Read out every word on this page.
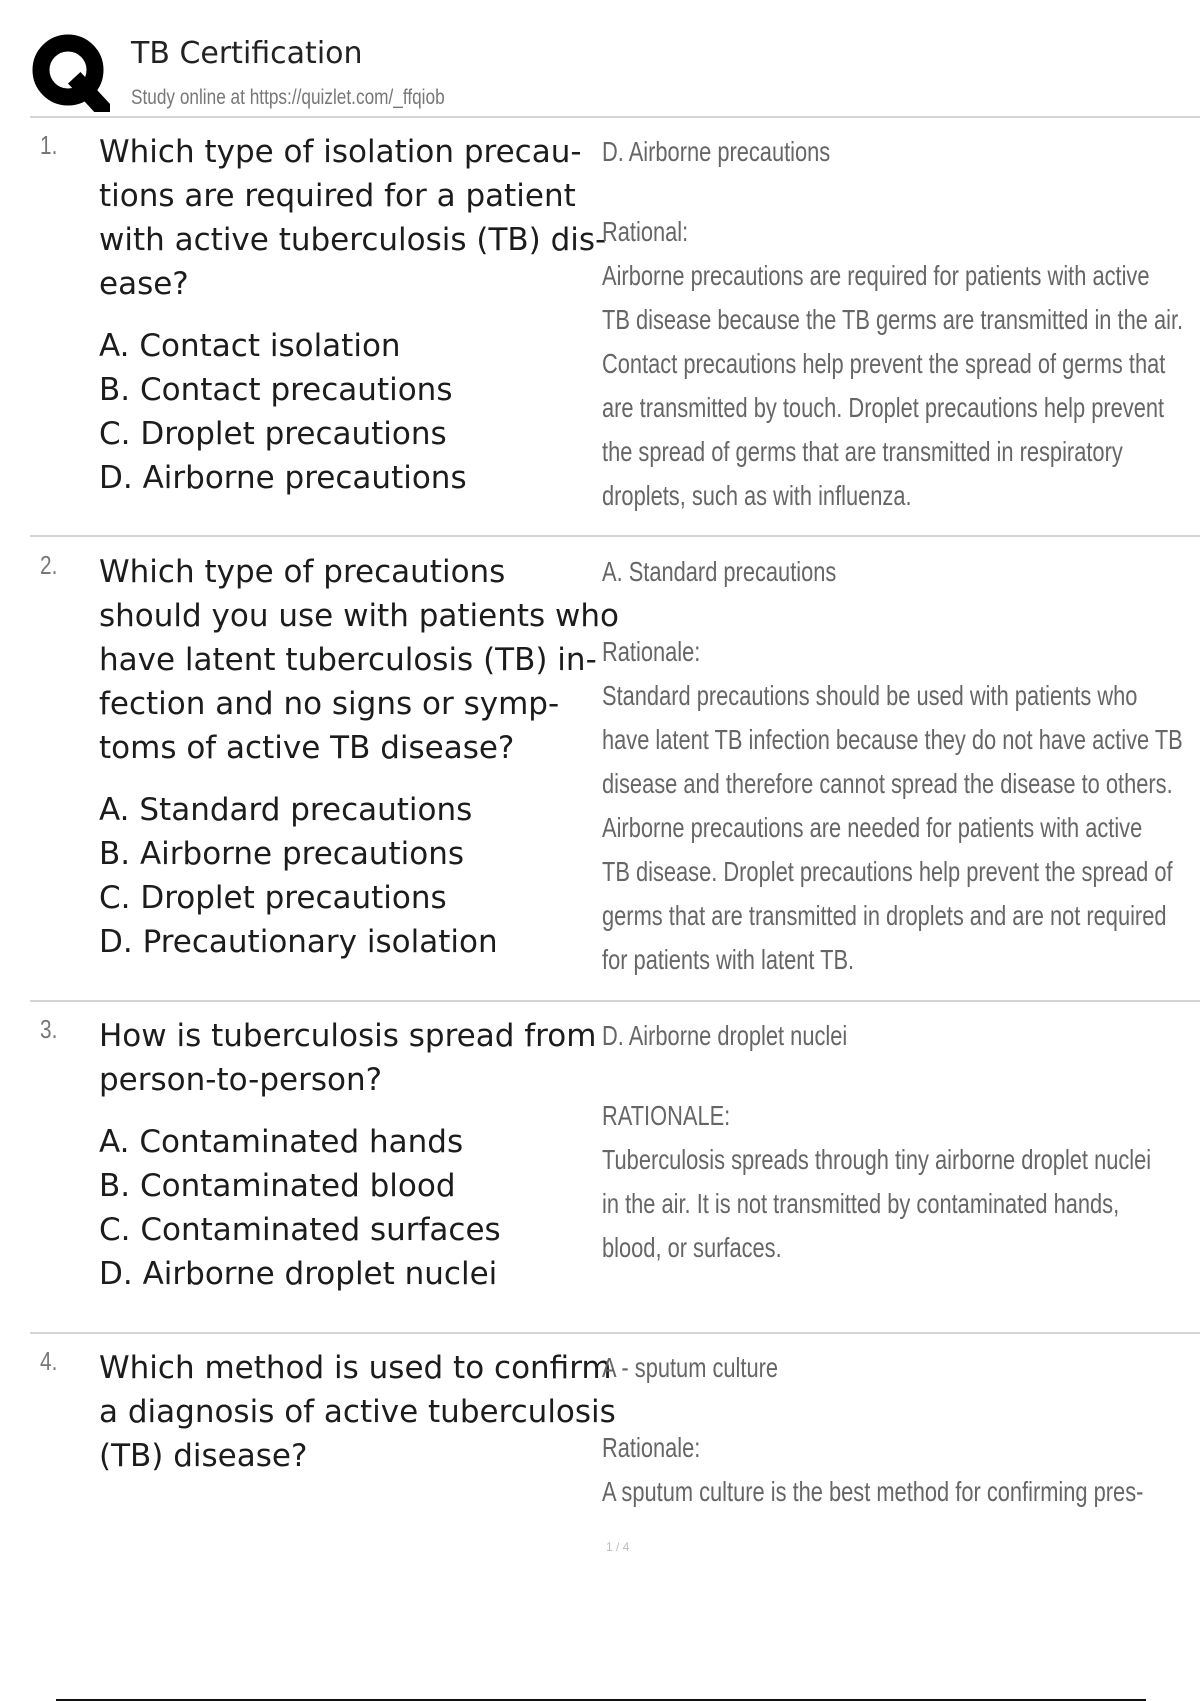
TB Certification
Study online at https://quizlet.com/_ffqiob
1. Which type of isolation precau-
tions are required for a patient
with active tuberculosis (TB) dis-
ease?
A. Contact isolation
B. Contact precautions
C. Droplet precautions
D. Airborne precautions
D. Airborne precautions
Rational:
Airborne precautions are required for patients with active
TB disease because the TB germs are transmitted in the air.
Contact precautions help prevent the spread of germs that
are transmitted by touch. Droplet precautions help prevent
the spread of germs that are transmitted in respiratory
droplets, such as with influenza.
2. Which type of precautions
should you use with patients who
have latent tuberculosis (TB) in-
fection and no signs or symp-
toms of active TB disease?
A. Standard precautions
B. Airborne precautions
C. Droplet precautions
D. Precautionary isolation
A. Standard precautions
Rationale:
Standard precautions should be used with patients who
have latent TB infection because they do not have active TB
disease and therefore cannot spread the disease to others.
Airborne precautions are needed for patients with active
TB disease. Droplet precautions help prevent the spread of
germs that are transmitted in droplets and are not required
for patients with latent TB.
3. How is tuberculosis spread from
person-to-person?
A. Contaminated hands
B. Contaminated blood
C. Contaminated surfaces
D. Airborne droplet nuclei
D. Airborne droplet nuclei
RATIONALE:
Tuberculosis spreads through tiny airborne droplet nuclei
in the air. It is not transmitted by contaminated hands,
blood, or surfaces.
4. Which method is used to confirm
a diagnosis of active tuberculosis
(TB) disease?
A - sputum culture
Rationale:
A sputum culture is the best method for confirming pres-
1 / 4
